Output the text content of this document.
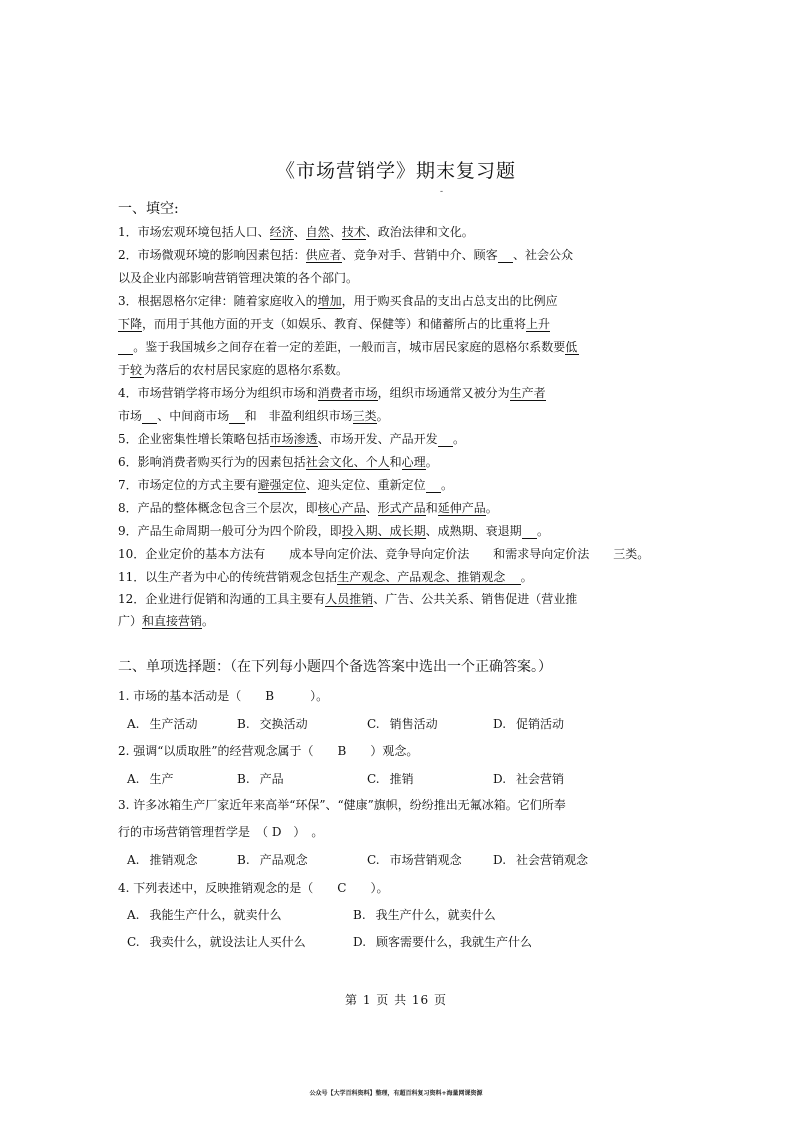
《市场营销学》期末复习题
-
一、填空:
1．市场宏观环境包括人口、经济、自然、技术、政治法律和文化。
2．市场微观环境的影响因素包括：供应者、竞争对手、营销中介、顾客 、社会公众
以及企业内部影响营销管理决策的各个部门。
3．根据恩格尔定律：随着家庭收入的增加，用于购买食品的支出占总支出的比例应
下降，而用于其他方面的开支（如娱乐、教育、保健等）和储蓄所占的比重将上升
。鉴于我国城乡之间存在着一定的差距，一般而言，城市居民家庭的恩格尔系数要低
于较 为落后的农村居民家庭的恩格尔系数。
4．市场营销学将市场分为组织市场和消费者市场，组织市场通常又被分为生产者
市场 、中间商市场 和　非盈利组织市场三类。
5．企业密集性增长策略包括市场渗透、市场开发、产品开发 。
6．影响消费者购买行为的因素包括社会文化、个人和心理。
7．市场定位的方式主要有避强定位、迎头定位、重新定位 。
8．产品的整体概念包含三个层次，即核心产品、形式产品和延伸产品。
9．产品生命周期一般可分为四个阶段，即投入期、成长期、成熟期、衰退期 。
10．企业定价的基本方法有　　成本导向定价法、竞争导向定价法　　和需求导向定价法　　三类。
11．以生产者为中心的传统营销观念包括生产观念、产品观念、推销观念 。
12．企业进行促销和沟通的工具主要有人员推销、广告、公共关系、销售促进（营业推
广）和直接营销。
二、单项选择题：（在下列每小题四个备选答案中选出一个正确答案。）
1. 市场的基本活动是（　　B　　　）。
A. 生产活动	B. 交换活动	C. 销售活动	D. 促销活动
2. 强调“以质取胜”的经营观念属于（　　B　　）观念。
A. 生产	B. 产品	C. 推销	D. 社会营销
3. 许多冰箱生产厂家近年来高举“环保”、“健康”旗帜，纷纷推出无氟冰箱。它们所奉
行的市场营销管理哲学是　（ D　）　。
A. 推销观念	B. 产品观念	C. 市场营销观念	D. 社会营销观念
4. 下列表述中，反映推销观念的是（　　C　　）。
A. 我能生产什么，就卖什么	B. 我生产什么，就卖什么
C. 我卖什么，就设法让人买什么	D. 顾客需要什么，我就生产什么
第 1 页 共 16 页
公众号【大学百科资料】整理，有超百科复习资料+海量网课资源
